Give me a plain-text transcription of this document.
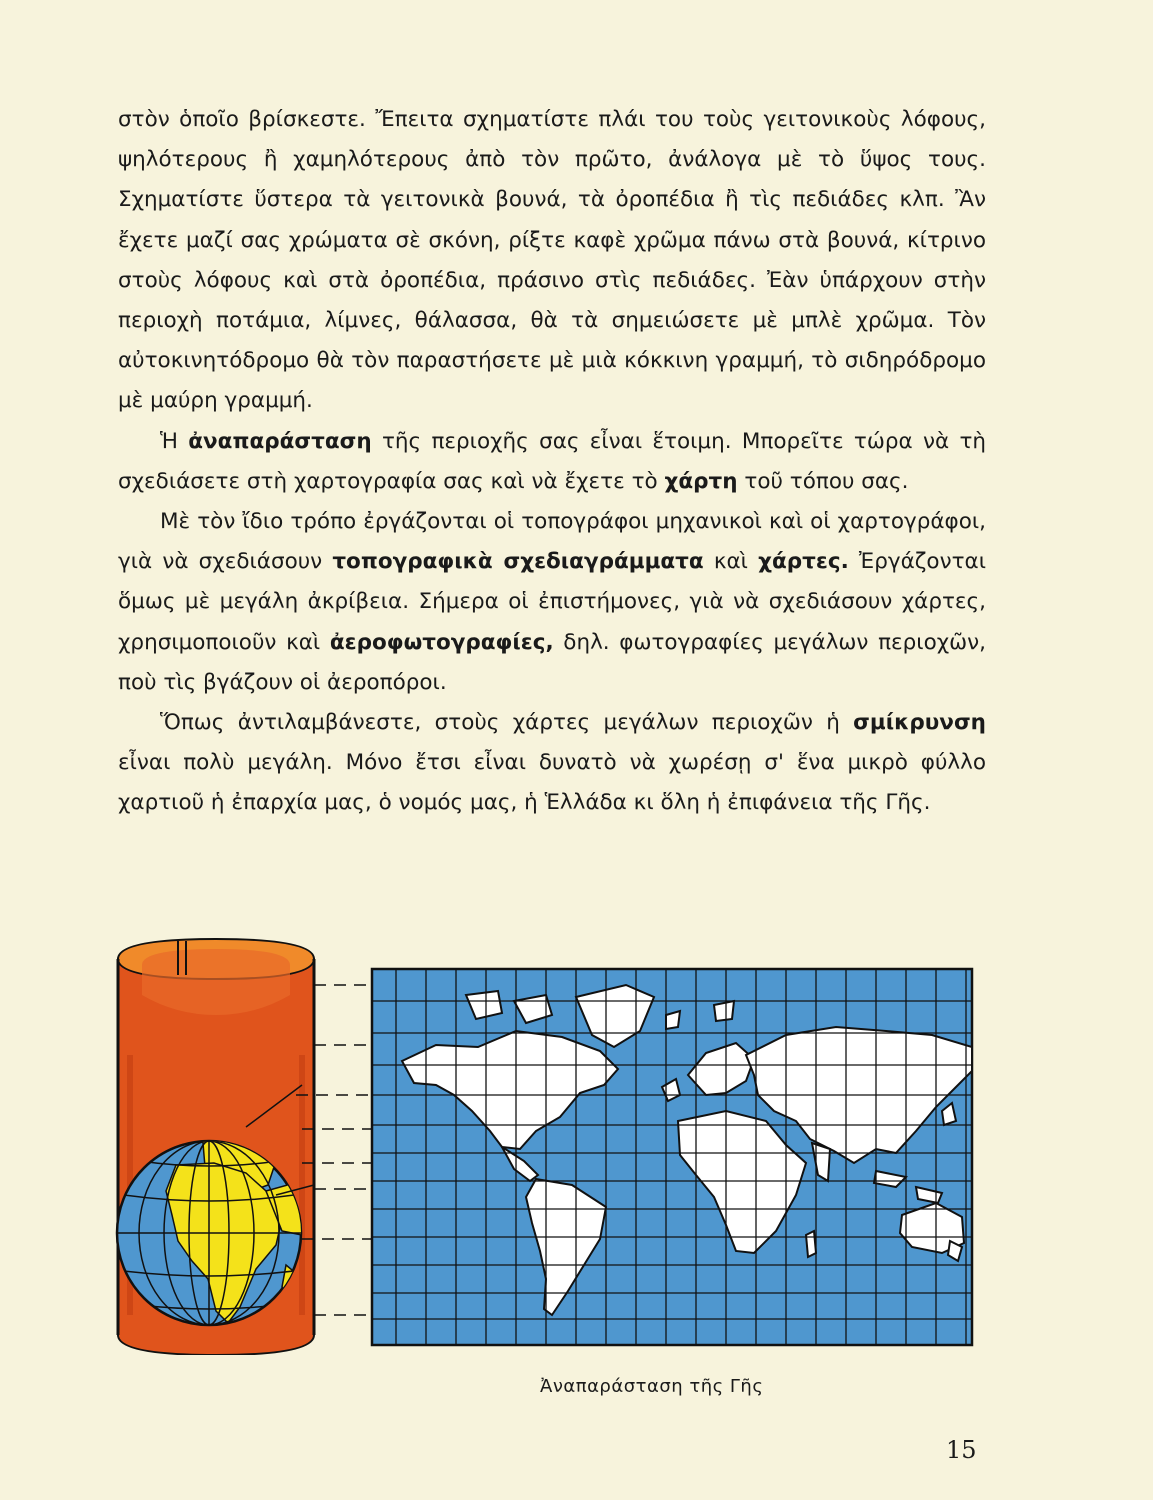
στὸν ὁποῖο βρίσκεστε. Ἔπειτα σχηματίστε πλάι του τοὺς γειτονικοὺς λόφους, ψηλότερους ἢ χαμηλότερους ἀπὸ τὸν πρῶτο, ἀνάλογα μὲ τὸ ὕψος τους. Σχηματίστε ὕστερα τὰ γειτονικὰ βουνά, τὰ ὀροπέδια ἢ τὶς πεδιάδες κλπ. Ἂν ἔχετε μαζί σας χρώματα σὲ σκόνη, ρίξτε καφὲ χρῶμα πάνω στὰ βουνά, κίτρινο στοὺς λόφους καὶ στὰ ὀροπέδια, πράσινο στὶς πεδιάδες. Ἐὰν ὑπάρχουν στὴν περιοχὴ ποτάμια, λίμνες, θάλασσα, θὰ τὰ σημειώσετε μὲ μπλὲ χρῶμα. Τὸν αὐτοκινητόδρομο θὰ τὸν παραστήσετε μὲ μιὰ κόκκινη γραμμή, τὸ σιδηρόδρομο μὲ μαύρη γραμμή.

Ἡ ἀναπαράσταση τῆς περιοχῆς σας εἶναι ἕτοιμη. Μπορεῖτε τώρα νὰ τὴ σχεδιάσετε στὴ χαρτογραφία σας καὶ νὰ ἔχετε τὸ χάρτη τοῦ τόπου σας.

Μὲ τὸν ἴδιο τρόπο ἐργάζονται οἱ τοπογράφοι μηχανικοὶ καὶ οἱ χαρτογράφοι, γιὰ νὰ σχεδιάσουν τοπογραφικὰ σχεδιαγράμματα καὶ χάρτες. Ἐργάζονται ὅμως μὲ μεγάλη ἀκρίβεια. Σήμερα οἱ ἐπιστήμονες, γιὰ νὰ σχεδιάσουν χάρτες, χρησιμοποιοῦν καὶ ἀεροφωτογραφίες, δηλ. φωτογραφίες μεγάλων περιοχῶν, ποὺ τὶς βγάζουν οἱ ἀεροπόροι.

Ὅπως ἀντιλαμβάνεστε, στοὺς χάρτες μεγάλων περιοχῶν ἡ σμίκρυνση εἶναι πολὺ μεγάλη. Μόνο ἔτσι εἶναι δυνατὸ νὰ χωρέσῃ σ' ἕνα μικρὸ φύλλο χαρτιοῦ ἡ ἐπαρχία μας, ὁ νομός μας, ἡ Ἑλλάδα κι ὅλη ἡ ἐπιφάνεια τῆς Γῆς.

Ἀναπαράσταση τῆς Γῆς
15
